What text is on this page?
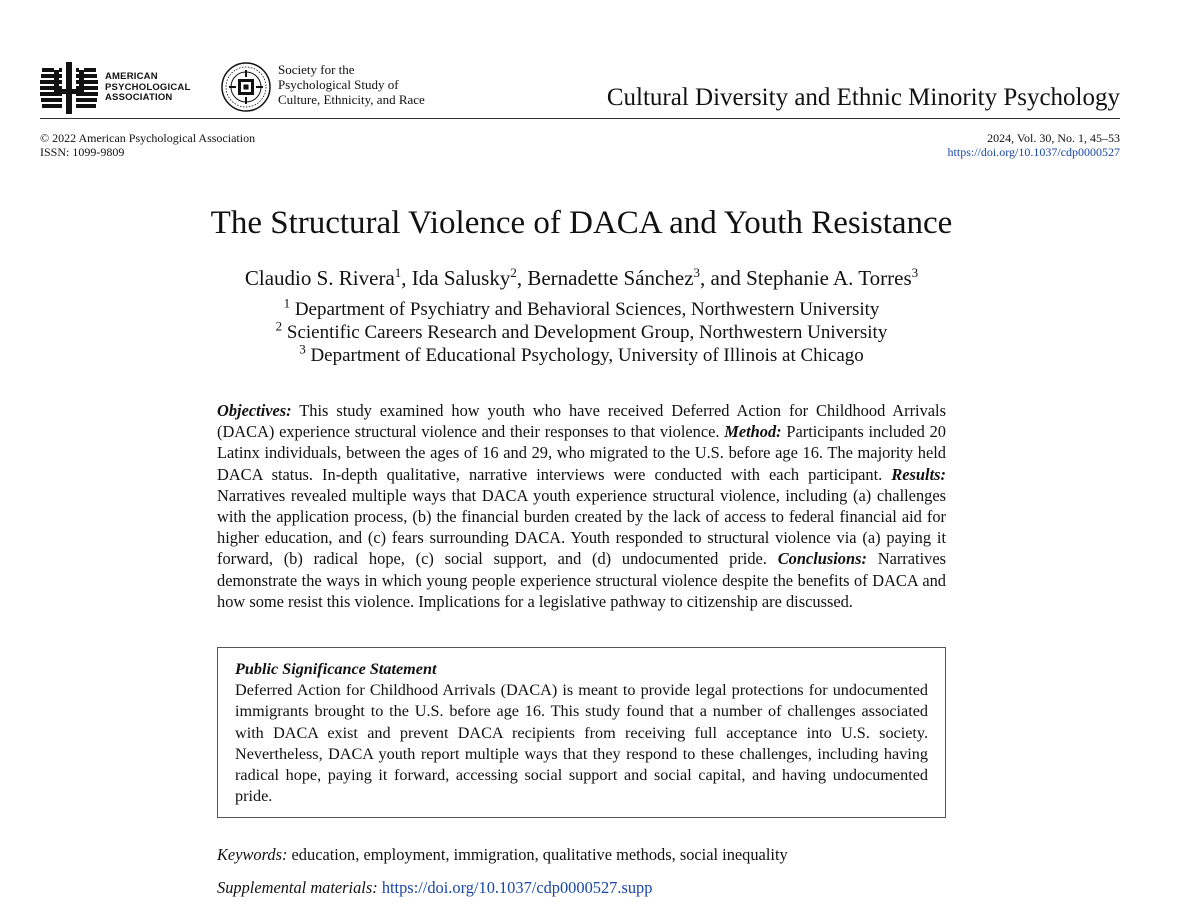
AMERICAN
PSYCHOLOGICAL
ASSOCIATION
Society for the
Psychological Study of
Culture, Ethnicity, and Race	Cultural Diversity and Ethnic Minority Psychology
© 2022 American Psychological Association
ISSN: 1099-9809
2024, Vol. 30, No. 1, 45–53
https://doi.org/10.1037/cdp0000527
The Structural Violence of DACA and Youth Resistance
Claudio S. Rivera$^1$, Ida Salusky$^2$, Bernadette Sánchez$^3$, and Stephanie A. Torres$^3$
$^1$ Department of Psychiatry and Behavioral Sciences, Northwestern University
$^2$ Scientific Careers Research and Development Group, Northwestern University
$^3$ Department of Educational Psychology, University of Illinois at Chicago
Objectives: This study examined how youth who have received Deferred Action for Childhood Arrivals (DACA) experience structural violence and their responses to that violence. Method: Participants included 20 Latinx individuals, between the ages of 16 and 29, who migrated to the U.S. before age 16. The majority held DACA status. In-depth qualitative, narrative interviews were conducted with each participant. Results: Narratives revealed multiple ways that DACA youth experience structural violence, including (a) challenges with the application process, (b) the financial burden created by the lack of access to federal financial aid for higher education, and (c) fears surrounding DACA. Youth responded to structural violence via (a) paying it forward, (b) radical hope, (c) social support, and (d) undocumented pride. Conclusions: Narratives demonstrate the ways in which young people experience structural violence despite the benefits of DACA and how some resist this violence. Implications for a legislative pathway to citizenship are discussed.
Public Significance Statement
Deferred Action for Childhood Arrivals (DACA) is meant to provide legal protections for undocumented immigrants brought to the U.S. before age 16. This study found that a number of challenges associated with DACA exist and prevent DACA recipients from receiving full acceptance into U.S. society. Nevertheless, DACA youth report multiple ways that they respond to these challenges, including having radical hope, paying it forward, accessing social support and social capital, and having undocumented pride.
Keywords: education, employment, immigration, qualitative methods, social inequality
Supplemental materials: https://doi.org/10.1037/cdp0000527.supp
